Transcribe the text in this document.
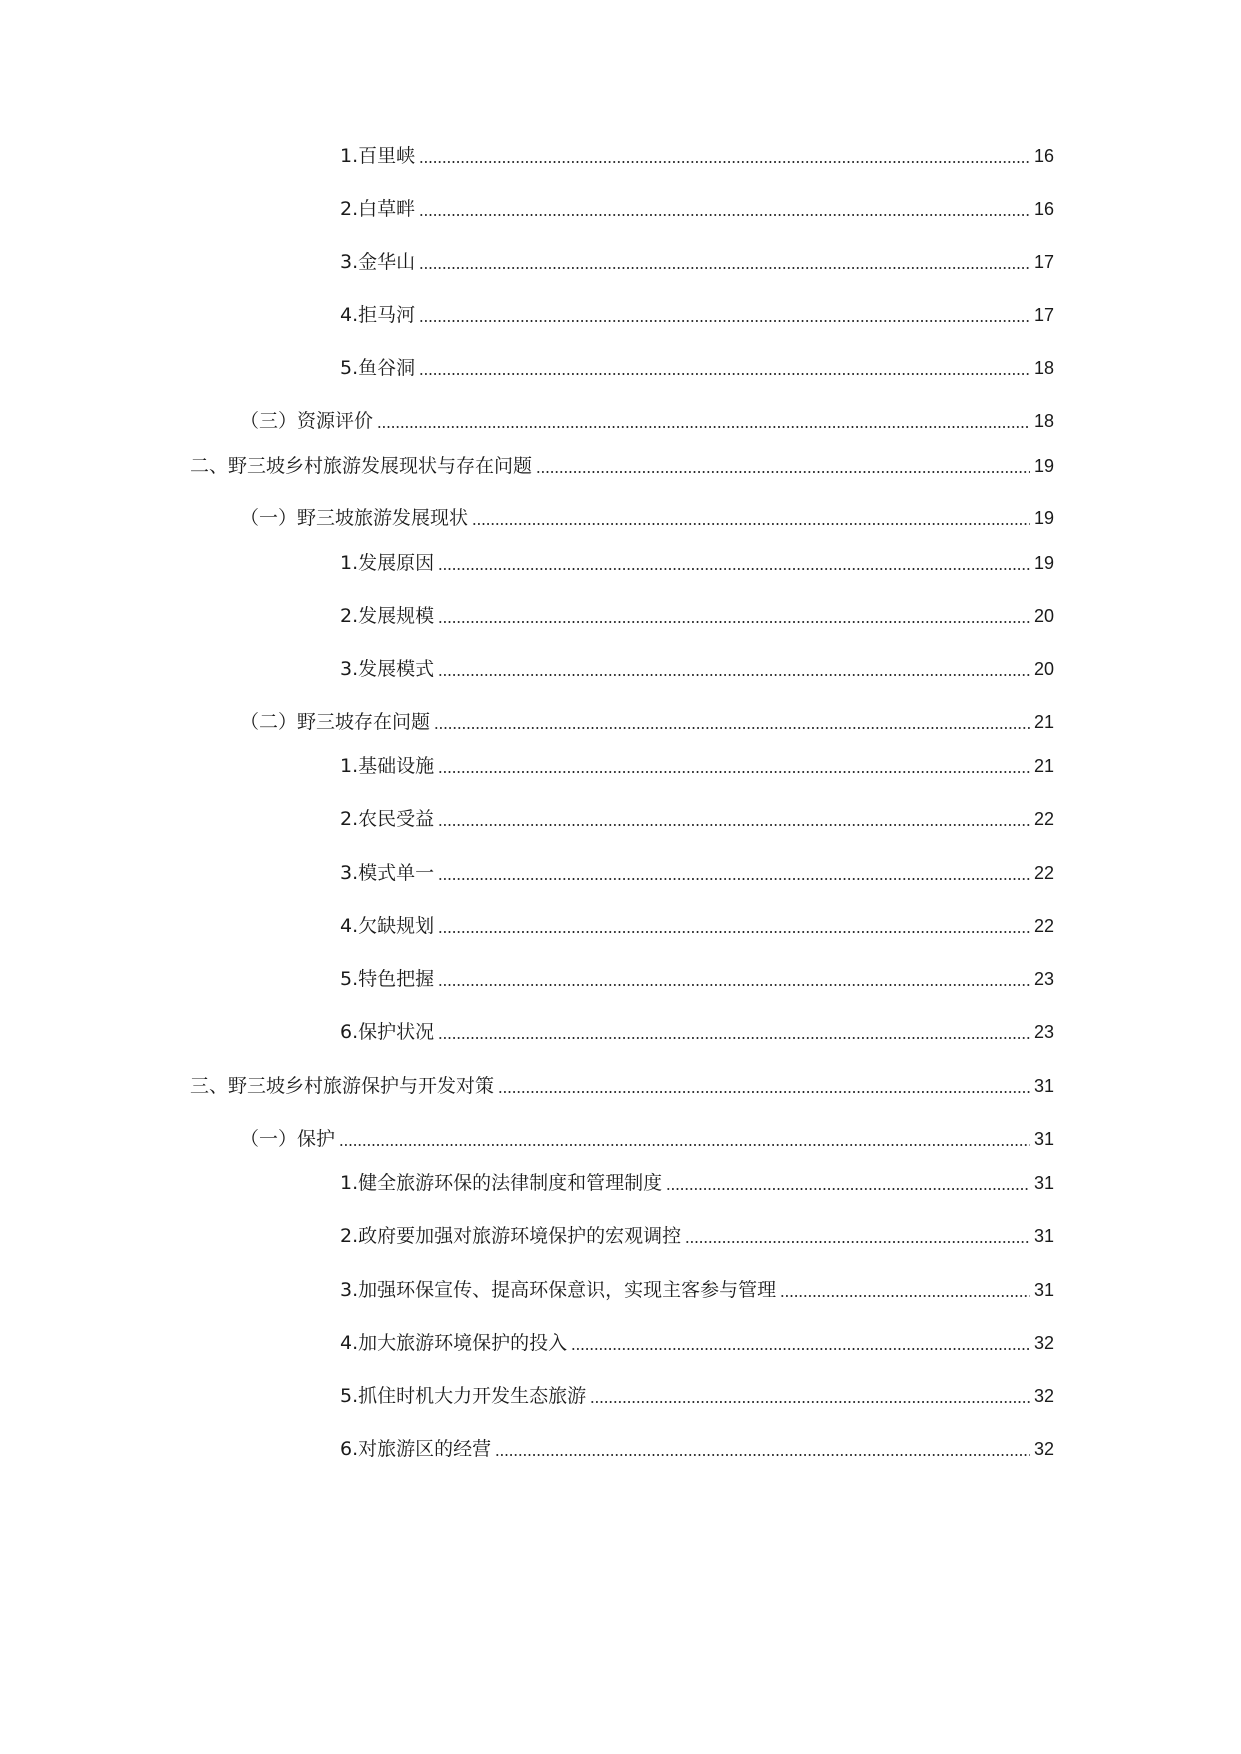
1.百里峡	16
2.白草畔	16
3.金华山	17
4.拒马河	17
5.鱼谷洞	18
（三）资源评价	18
二、野三坡乡村旅游发展现状与存在问题	19
（一）野三坡旅游发展现状	19
1.发展原因	19
2.发展规模	20
3.发展模式	20
（二）野三坡存在问题	21
1.基础设施	21
2.农民受益	22
3.模式单一	22
4.欠缺规划	22
5.特色把握	23
6.保护状况	23
三、野三坡乡村旅游保护与开发对策	31
（一）保护	31
1.健全旅游环保的法律制度和管理制度	31
2.政府要加强对旅游环境保护的宏观调控	31
3.加强环保宣传、提高环保意识，实现主客参与管理	31
4.加大旅游环境保护的投入	32
5.抓住时机大力开发生态旅游	32
6.对旅游区的经营	32
